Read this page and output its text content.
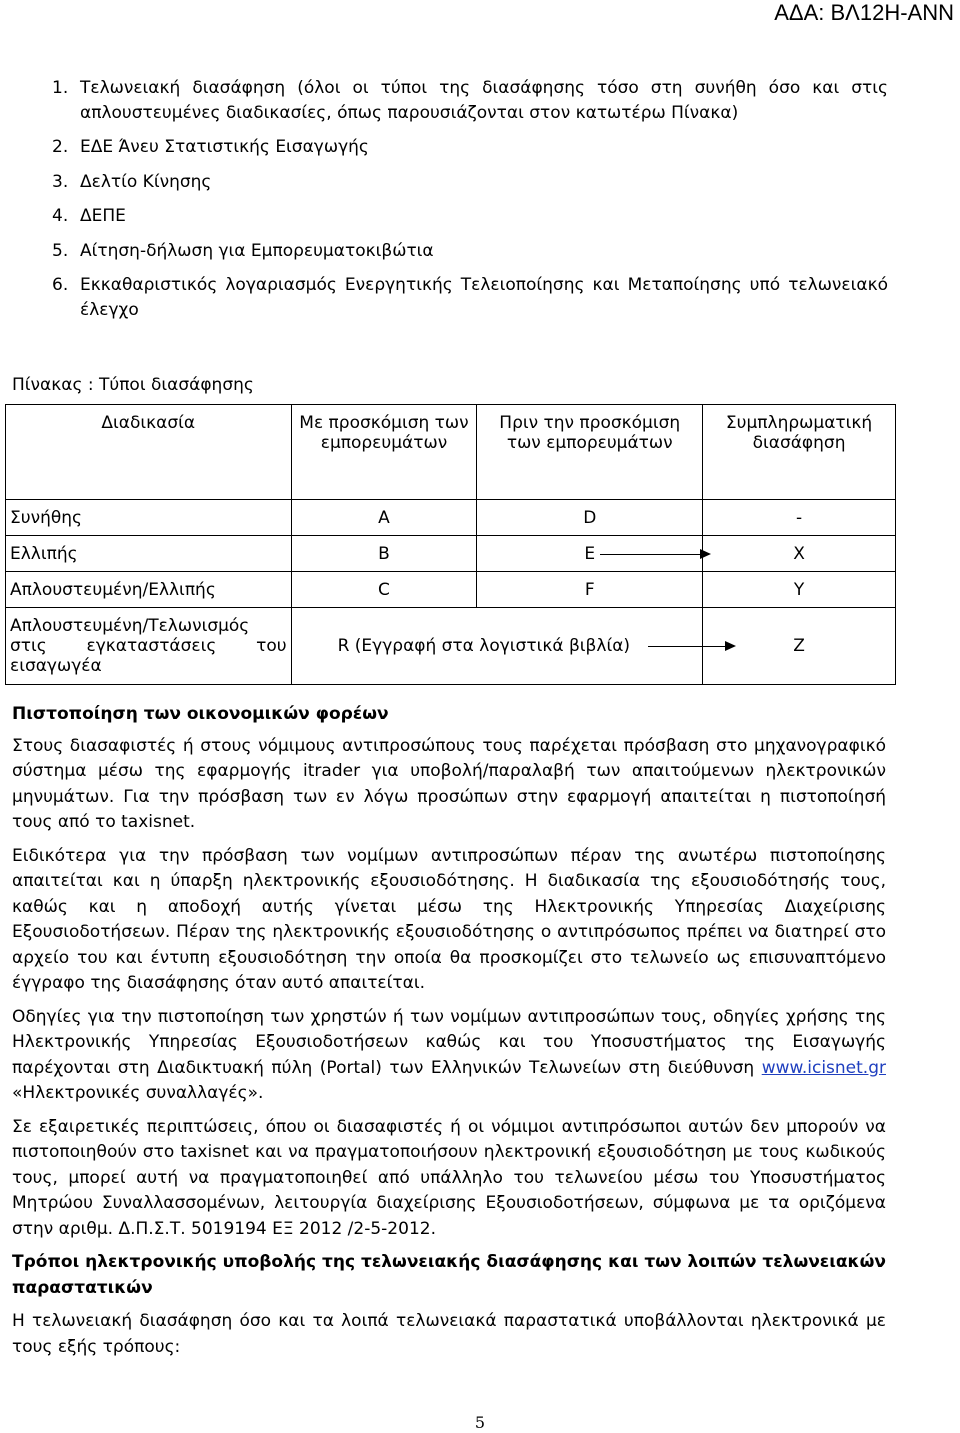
ΑΔΑ: ΒΛ12Η-ΑΝΝ
1. Τελωνειακή διασάφηση (όλοι οι τύποι της διασάφησης τόσο στη συνήθη όσο και στις απλουστευμένες διαδικασίες, όπως παρουσιάζονται στον κατωτέρω Πίνακα)
2. ΕΔΕ Άνευ Στατιστικής Εισαγωγής
3. Δελτίο Κίνησης
4. ΔΕΠΕ
5. Αίτηση-δήλωση για Εμπορευματοκιβώτια
6. Εκκαθαριστικός λογαριασμός Ενεργητικής Τελειοποίησης και Μεταποίησης υπό τελωνειακό έλεγχο
Πίνακας : Τύποι διασάφησης
Διαδικασία	Με προσκόμιση των εμπορευμάτων	Πριν την προσκόμιση των εμπορευμάτων	Συμπληρωματική διασάφηση
Συνήθης	A	D	-
Ελλιπής	B	E	X
Απλουστευμένη/Ελλιπής	C	F	Y
Απλουστευμένη/Τελωνισμός στις εγκαταστάσεις του εισαγωγέα	R (Εγγραφή στα λογιστικά βιβλία)		Z

Πιστοποίηση των οικονομικών φορέων

Στους διασαφιστές ή στους νόμιμους αντιπροσώπους τους παρέχεται πρόσβαση στο μηχανογραφικό σύστημα μέσω της εφαρμογής itrader για υποβολή/παραλαβή των απαιτούμενων ηλεκτρονικών μηνυμάτων. Για την πρόσβαση των εν λόγω προσώπων στην εφαρμογή απαιτείται η πιστοποίησή τους από το taxisnet.

Ειδικότερα για την πρόσβαση των νομίμων αντιπροσώπων πέραν της ανωτέρω πιστοποίησης απαιτείται και η ύπαρξη ηλεκτρονικής εξουσιοδότησης. Η διαδικασία της εξουσιοδότησής τους, καθώς και η αποδοχή αυτής γίνεται μέσω της Ηλεκτρονικής Υπηρεσίας Διαχείρισης Εξουσιοδοτήσεων. Πέραν της ηλεκτρονικής εξουσιοδότησης ο αντιπρόσωπος πρέπει να διατηρεί στο αρχείο του και έντυπη εξουσιοδότηση την οποία θα προσκομίζει στο τελωνείο ως επισυναπτόμενο έγγραφο της διασάφησης όταν αυτό απαιτείται.

Οδηγίες για την πιστοποίηση των χρηστών ή των νομίμων αντιπροσώπων τους, οδηγίες χρήσης της Ηλεκτρονικής Υπηρεσίας Εξουσιοδοτήσεων καθώς και του Υποσυστήματος της Εισαγωγής παρέχονται στη Διαδικτυακή πύλη (Portal) των Ελληνικών Τελωνείων στη διεύθυνση www.icisnet.gr «Ηλεκτρονικές συναλλαγές».

Σε εξαιρετικές περιπτώσεις, όπου οι διασαφιστές ή οι νόμιμοι αντιπρόσωποι αυτών δεν μπορούν να πιστοποιηθούν στο taxisnet και να πραγματοποιήσουν ηλεκτρονική εξουσιοδότηση με τους κωδικούς τους, μπορεί αυτή να πραγματοποιηθεί από υπάλληλο του τελωνείου μέσω του Υποσυστήματος Μητρώου Συναλλασσομένων, λειτουργία διαχείρισης Εξουσιοδοτήσεων, σύμφωνα με τα οριζόμενα στην αριθμ. Δ.Π.Σ.Τ. 5019194 ΕΞ 2012 /2-5-2012.

Τρόποι ηλεκτρονικής υποβολής της τελωνειακής διασάφησης και των λοιπών τελωνειακών παραστατικών

Η τελωνειακή διασάφηση όσο και τα λοιπά τελωνειακά παραστατικά υποβάλλονται ηλεκτρονικά με τους εξής τρόπους:

5
